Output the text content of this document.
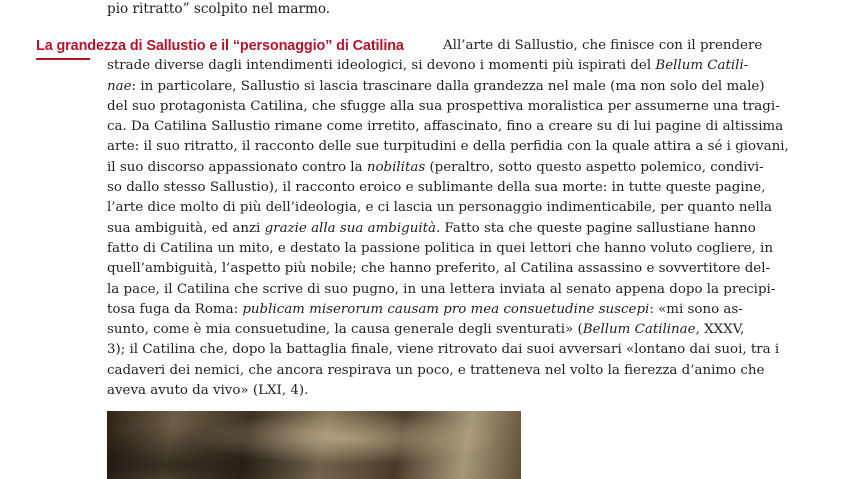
pio ritratto” scolpito nel marmo.
La grandezza di Sallustio e il “personaggio” di Catilina	All’arte di Sallustio, che finisce con il prendere
strade diverse dagli intendimenti ideologici, si devono i momenti più ispirati del Bellum Catili-
nae: in particolare, Sallustio si lascia trascinare dalla grandezza nel male (ma non solo del male)
del suo protagonista Catilina, che sfugge alla sua prospettiva moralistica per assumerne una tragi-
ca. Da Catilina Sallustio rimane come irretito, affascinato, fino a creare su di lui pagine di altissima
arte: il suo ritratto, il racconto delle sue turpitudini e della perfidia con la quale attira a sé i giovani,
il suo discorso appassionato contro la nobilitas (peraltro, sotto questo aspetto polemico, condivi-
so dallo stesso Sallustio), il racconto eroico e sublimante della sua morte: in tutte queste pagine,
l’arte dice molto di più dell’ideologia, e ci lascia un personaggio indimenticabile, per quanto nella
sua ambiguità, ed anzi grazie alla sua ambiguità. Fatto sta che queste pagine sallustiane hanno
fatto di Catilina un mito, e destato la passione politica in quei lettori che hanno voluto cogliere, in
quell’ambiguità, l’aspetto più nobile; che hanno preferito, al Catilina assassino e sovvertitore del-
la pace, il Catilina che scrive di suo pugno, in una lettera inviata al senato appena dopo la precipi-
tosa fuga da Roma: publicam miserorum causam pro mea consuetudine suscepi: «mi sono as-
sunto, come è mia consuetudine, la causa generale degli sventurati» (Bellum Catilinae, XXXV,
3); il Catilina che, dopo la battaglia finale, viene ritrovato dai suoi avversari «lontano dai suoi, tra i
cadaveri dei nemici, che ancora respirava un poco, e tratteneva nel volto la fierezza d’animo che
aveva avuto da vivo» (LXI, 4).
